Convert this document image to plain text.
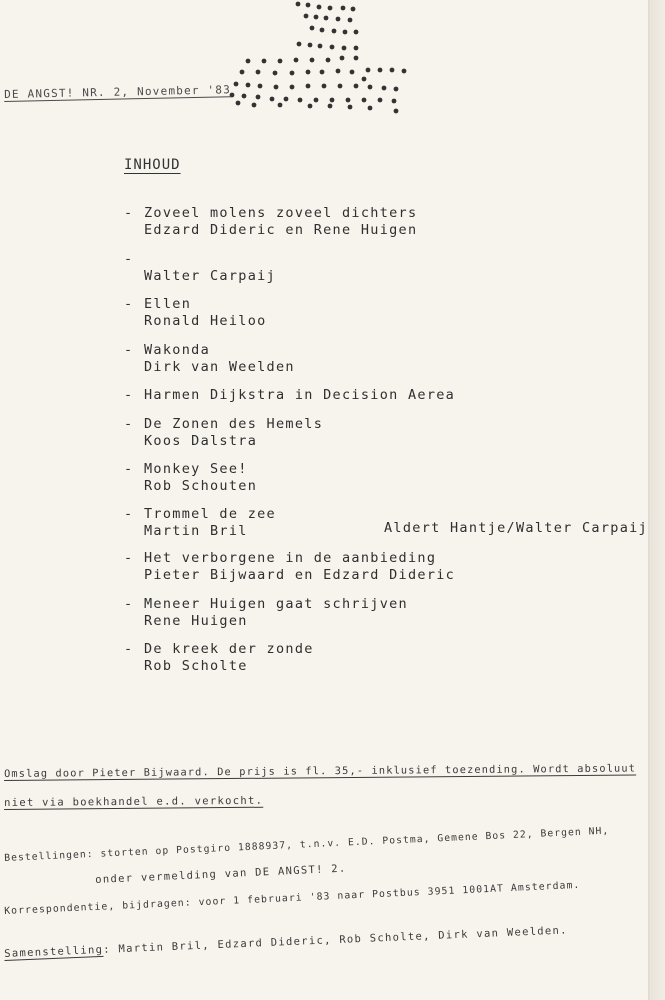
DE ANGST! NR. 2, November '83
INHOUD
- Zoveel molens zoveel dichters
Edzard Dideric en Rene Huigen
-
Walter Carpaij
- Ellen
Ronald Heiloo
- Wakonda
Dirk van Weelden
- Harmen Dijkstra in Decision Aerea
- De Zonen des Hemels
Koos Dalstra
- Monkey See!
Rob Schouten
- Trommel de zee
Martin Bril
- Het verborgene in de aanbieding
Pieter Bijwaard en Edzard Dideric
- Meneer Huigen gaat schrijven
Rene Huigen
- De kreek der zonde
Rob Scholte
Aldert Hantje/Walter Carpaij
Omslag door Pieter Bijwaard. De prijs is fl. 35,- inklusief toezending. Wordt absoluut
niet via boekhandel e.d. verkocht.
Bestellingen: storten op Postgiro 1888937, t.n.v. E.D. Postma, Gemene Bos 22, Bergen NH,
onder vermelding van DE ANGST! 2.
Korrespondentie, bijdragen: voor 1 februari '83 naar Postbus 3951 1001AT Amsterdam.
Samenstelling: Martin Bril, Edzard Dideric, Rob Scholte, Dirk van Weelden.
